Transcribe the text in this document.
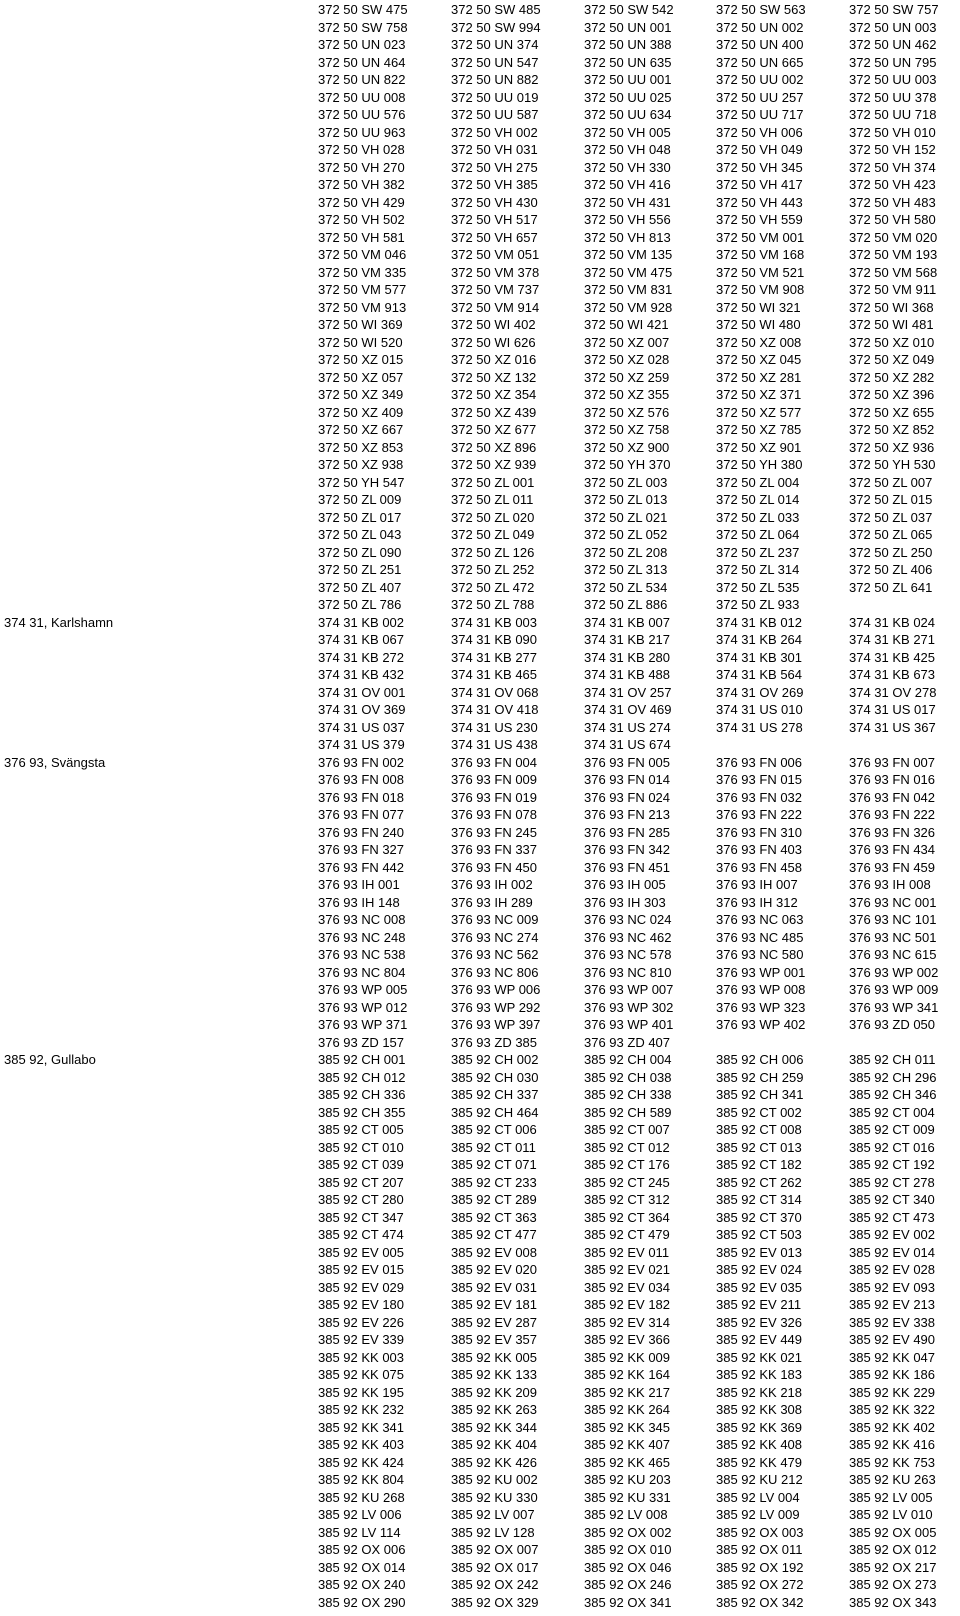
372 50 SW 475	372 50 SW 485	372 50 SW 542	372 50 SW 563	372 50 SW 757
372 50 SW 758	372 50 SW 994	372 50 UN 001	372 50 UN 002	372 50 UN 003
372 50 UN 023	372 50 UN 374	372 50 UN 388	372 50 UN 400	372 50 UN 462
372 50 UN 464	372 50 UN 547	372 50 UN 635	372 50 UN 665	372 50 UN 795
372 50 UN 822	372 50 UN 882	372 50 UU 001	372 50 UU 002	372 50 UU 003
372 50 UU 008	372 50 UU 019	372 50 UU 025	372 50 UU 257	372 50 UU 378
372 50 UU 576	372 50 UU 587	372 50 UU 634	372 50 UU 717	372 50 UU 718
372 50 UU 963	372 50 VH 002	372 50 VH 005	372 50 VH 006	372 50 VH 010
372 50 VH 028	372 50 VH 031	372 50 VH 048	372 50 VH 049	372 50 VH 152
372 50 VH 270	372 50 VH 275	372 50 VH 330	372 50 VH 345	372 50 VH 374
372 50 VH 382	372 50 VH 385	372 50 VH 416	372 50 VH 417	372 50 VH 423
372 50 VH 429	372 50 VH 430	372 50 VH 431	372 50 VH 443	372 50 VH 483
372 50 VH 502	372 50 VH 517	372 50 VH 556	372 50 VH 559	372 50 VH 580
372 50 VH 581	372 50 VH 657	372 50 VH 813	372 50 VM 001	372 50 VM 020
372 50 VM 046	372 50 VM 051	372 50 VM 135	372 50 VM 168	372 50 VM 193
372 50 VM 335	372 50 VM 378	372 50 VM 475	372 50 VM 521	372 50 VM 568
372 50 VM 577	372 50 VM 737	372 50 VM 831	372 50 VM 908	372 50 VM 911
372 50 VM 913	372 50 VM 914	372 50 VM 928	372 50 WI 321	372 50 WI 368
372 50 WI 369	372 50 WI 402	372 50 WI 421	372 50 WI 480	372 50 WI 481
372 50 WI 520	372 50 WI 626	372 50 XZ 007	372 50 XZ 008	372 50 XZ 010
372 50 XZ 015	372 50 XZ 016	372 50 XZ 028	372 50 XZ 045	372 50 XZ 049
372 50 XZ 057	372 50 XZ 132	372 50 XZ 259	372 50 XZ 281	372 50 XZ 282
372 50 XZ 349	372 50 XZ 354	372 50 XZ 355	372 50 XZ 371	372 50 XZ 396
372 50 XZ 409	372 50 XZ 439	372 50 XZ 576	372 50 XZ 577	372 50 XZ 655
372 50 XZ 667	372 50 XZ 677	372 50 XZ 758	372 50 XZ 785	372 50 XZ 852
372 50 XZ 853	372 50 XZ 896	372 50 XZ 900	372 50 XZ 901	372 50 XZ 936
372 50 XZ 938	372 50 XZ 939	372 50 YH 370	372 50 YH 380	372 50 YH 530
372 50 YH 547	372 50 ZL 001	372 50 ZL 003	372 50 ZL 004	372 50 ZL 007
372 50 ZL 009	372 50 ZL 011	372 50 ZL 013	372 50 ZL 014	372 50 ZL 015
372 50 ZL 017	372 50 ZL 020	372 50 ZL 021	372 50 ZL 033	372 50 ZL 037
372 50 ZL 043	372 50 ZL 049	372 50 ZL 052	372 50 ZL 064	372 50 ZL 065
372 50 ZL 090	372 50 ZL 126	372 50 ZL 208	372 50 ZL 237	372 50 ZL 250
372 50 ZL 251	372 50 ZL 252	372 50 ZL 313	372 50 ZL 314	372 50 ZL 406
372 50 ZL 407	372 50 ZL 472	372 50 ZL 534	372 50 ZL 535	372 50 ZL 641
372 50 ZL 786	372 50 ZL 788	372 50 ZL 886	372 50 ZL 933
374 31, Karlshamn	374 31 KB 002	374 31 KB 003	374 31 KB 007	374 31 KB 012	374 31 KB 024
374 31 KB 067	374 31 KB 090	374 31 KB 217	374 31 KB 264	374 31 KB 271
374 31 KB 272	374 31 KB 277	374 31 KB 280	374 31 KB 301	374 31 KB 425
374 31 KB 432	374 31 KB 465	374 31 KB 488	374 31 KB 564	374 31 KB 673
374 31 OV 001	374 31 OV 068	374 31 OV 257	374 31 OV 269	374 31 OV 278
374 31 OV 369	374 31 OV 418	374 31 OV 469	374 31 US 010	374 31 US 017
374 31 US 037	374 31 US 230	374 31 US 274	374 31 US 278	374 31 US 367
374 31 US 379	374 31 US 438	374 31 US 674
376 93, Svängsta	376 93 FN 002	376 93 FN 004	376 93 FN 005	376 93 FN 006	376 93 FN 007
376 93 FN 008	376 93 FN 009	376 93 FN 014	376 93 FN 015	376 93 FN 016
376 93 FN 018	376 93 FN 019	376 93 FN 024	376 93 FN 032	376 93 FN 042
376 93 FN 077	376 93 FN 078	376 93 FN 213	376 93 FN 222	376 93 FN 222
376 93 FN 240	376 93 FN 245	376 93 FN 285	376 93 FN 310	376 93 FN 326
376 93 FN 327	376 93 FN 337	376 93 FN 342	376 93 FN 403	376 93 FN 434
376 93 FN 442	376 93 FN 450	376 93 FN 451	376 93 FN 458	376 93 FN 459
376 93 IH 001	376 93 IH 002	376 93 IH 005	376 93 IH 007	376 93 IH 008
376 93 IH 148	376 93 IH 289	376 93 IH 303	376 93 IH 312	376 93 NC 001
376 93 NC 008	376 93 NC 009	376 93 NC 024	376 93 NC 063	376 93 NC 101
376 93 NC 248	376 93 NC 274	376 93 NC 462	376 93 NC 485	376 93 NC 501
376 93 NC 538	376 93 NC 562	376 93 NC 578	376 93 NC 580	376 93 NC 615
376 93 NC 804	376 93 NC 806	376 93 NC 810	376 93 WP 001	376 93 WP 002
376 93 WP 005	376 93 WP 006	376 93 WP 007	376 93 WP 008	376 93 WP 009
376 93 WP 012	376 93 WP 292	376 93 WP 302	376 93 WP 323	376 93 WP 341
376 93 WP 371	376 93 WP 397	376 93 WP 401	376 93 WP 402	376 93 ZD 050
376 93 ZD 157	376 93 ZD 385	376 93 ZD 407
385 92, Gullabo	385 92 CH 001	385 92 CH 002	385 92 CH 004	385 92 CH 006	385 92 CH 011
385 92 CH 012	385 92 CH 030	385 92 CH 038	385 92 CH 259	385 92 CH 296
385 92 CH 336	385 92 CH 337	385 92 CH 338	385 92 CH 341	385 92 CH 346
385 92 CH 355	385 92 CH 464	385 92 CH 589	385 92 CT 002	385 92 CT 004
385 92 CT 005	385 92 CT 006	385 92 CT 007	385 92 CT 008	385 92 CT 009
385 92 CT 010	385 92 CT 011	385 92 CT 012	385 92 CT 013	385 92 CT 016
385 92 CT 039	385 92 CT 071	385 92 CT 176	385 92 CT 182	385 92 CT 192
385 92 CT 207	385 92 CT 233	385 92 CT 245	385 92 CT 262	385 92 CT 278
385 92 CT 280	385 92 CT 289	385 92 CT 312	385 92 CT 314	385 92 CT 340
385 92 CT 347	385 92 CT 363	385 92 CT 364	385 92 CT 370	385 92 CT 473
385 92 CT 474	385 92 CT 477	385 92 CT 479	385 92 CT 503	385 92 EV 002
385 92 EV 005	385 92 EV 008	385 92 EV 011	385 92 EV 013	385 92 EV 014
385 92 EV 015	385 92 EV 020	385 92 EV 021	385 92 EV 024	385 92 EV 028
385 92 EV 029	385 92 EV 031	385 92 EV 034	385 92 EV 035	385 92 EV 093
385 92 EV 180	385 92 EV 181	385 92 EV 182	385 92 EV 211	385 92 EV 213
385 92 EV 226	385 92 EV 287	385 92 EV 314	385 92 EV 326	385 92 EV 338
385 92 EV 339	385 92 EV 357	385 92 EV 366	385 92 EV 449	385 92 EV 490
385 92 KK 003	385 92 KK 005	385 92 KK 009	385 92 KK 021	385 92 KK 047
385 92 KK 075	385 92 KK 133	385 92 KK 164	385 92 KK 183	385 92 KK 186
385 92 KK 195	385 92 KK 209	385 92 KK 217	385 92 KK 218	385 92 KK 229
385 92 KK 232	385 92 KK 263	385 92 KK 264	385 92 KK 308	385 92 KK 322
385 92 KK 341	385 92 KK 344	385 92 KK 345	385 92 KK 369	385 92 KK 402
385 92 KK 403	385 92 KK 404	385 92 KK 407	385 92 KK 408	385 92 KK 416
385 92 KK 424	385 92 KK 426	385 92 KK 465	385 92 KK 479	385 92 KK 753
385 92 KK 804	385 92 KU 002	385 92 KU 203	385 92 KU 212	385 92 KU 263
385 92 KU 268	385 92 KU 330	385 92 KU 331	385 92 LV 004	385 92 LV 005
385 92 LV 006	385 92 LV 007	385 92 LV 008	385 92 LV 009	385 92 LV 010
385 92 LV 114	385 92 LV 128	385 92 OX 002	385 92 OX 003	385 92 OX 005
385 92 OX 006	385 92 OX 007	385 92 OX 010	385 92 OX 011	385 92 OX 012
385 92 OX 014	385 92 OX 017	385 92 OX 046	385 92 OX 192	385 92 OX 217
385 92 OX 240	385 92 OX 242	385 92 OX 246	385 92 OX 272	385 92 OX 273
385 92 OX 290	385 92 OX 329	385 92 OX 341	385 92 OX 342	385 92 OX 343
